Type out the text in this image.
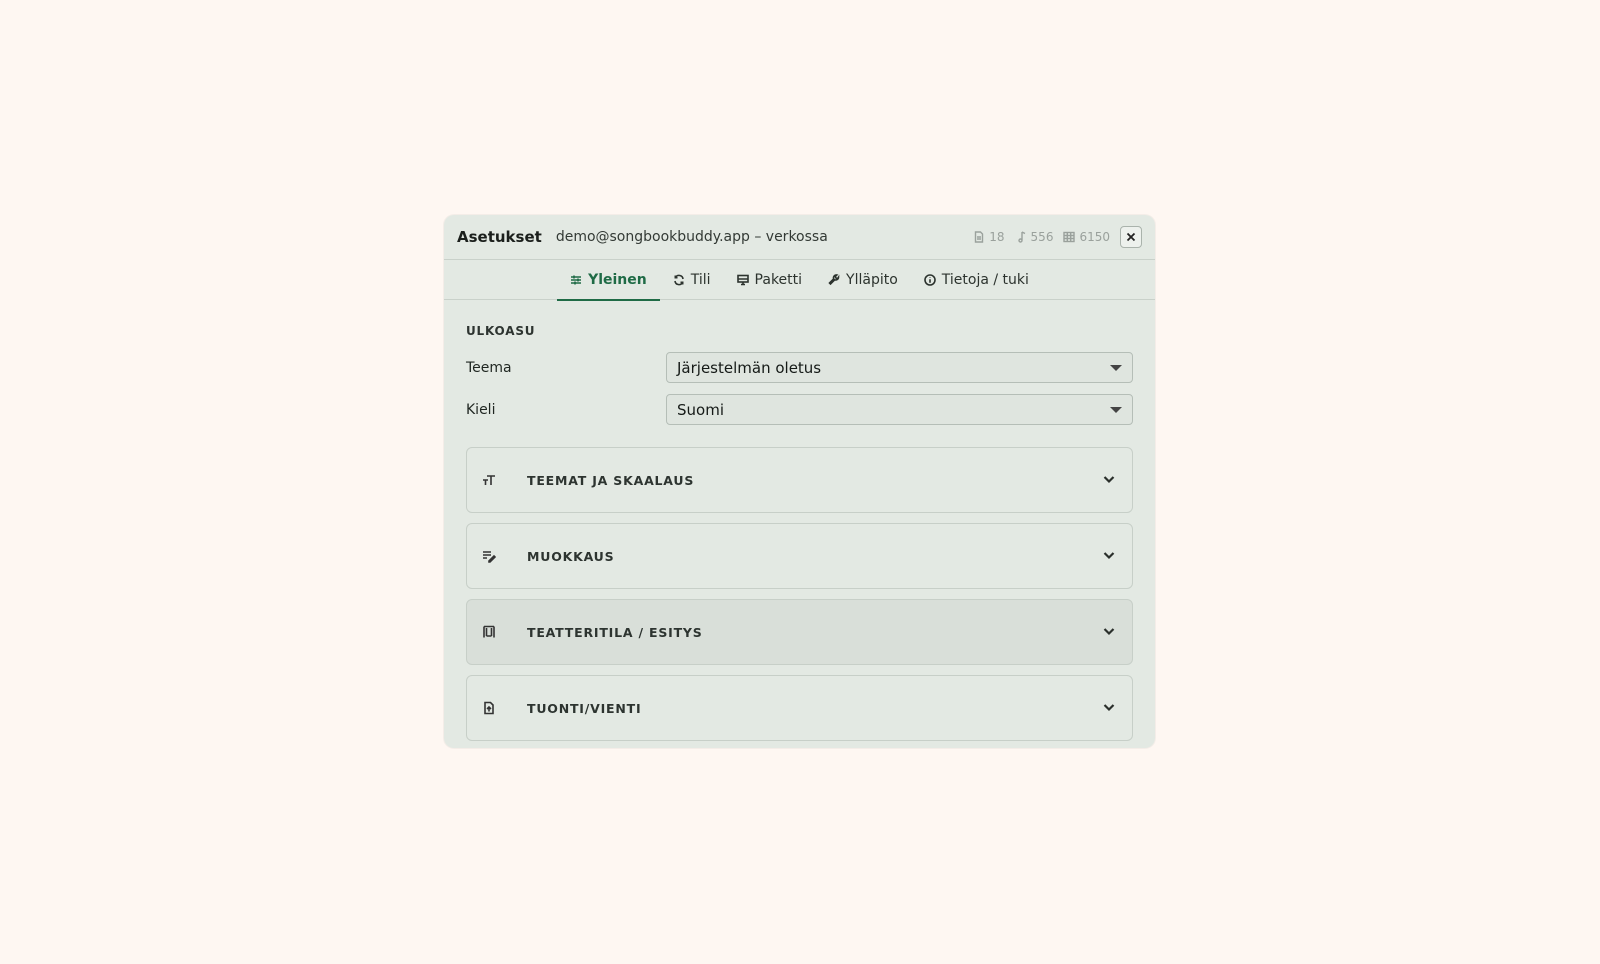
Asetukset demo@songbookbuddy.app – verkossa	18 556 6150
Yleinen	Tili	Paketti	Ylläpito	Tietoja / tuki
ULKOASU
Teema	Järjestelmän oletus
Kieli	Suomi
TEEMAT JA SKAALAUS
MUOKKAUS
TEATTERITILA / ESITYS
TUONTI/VIENTI
